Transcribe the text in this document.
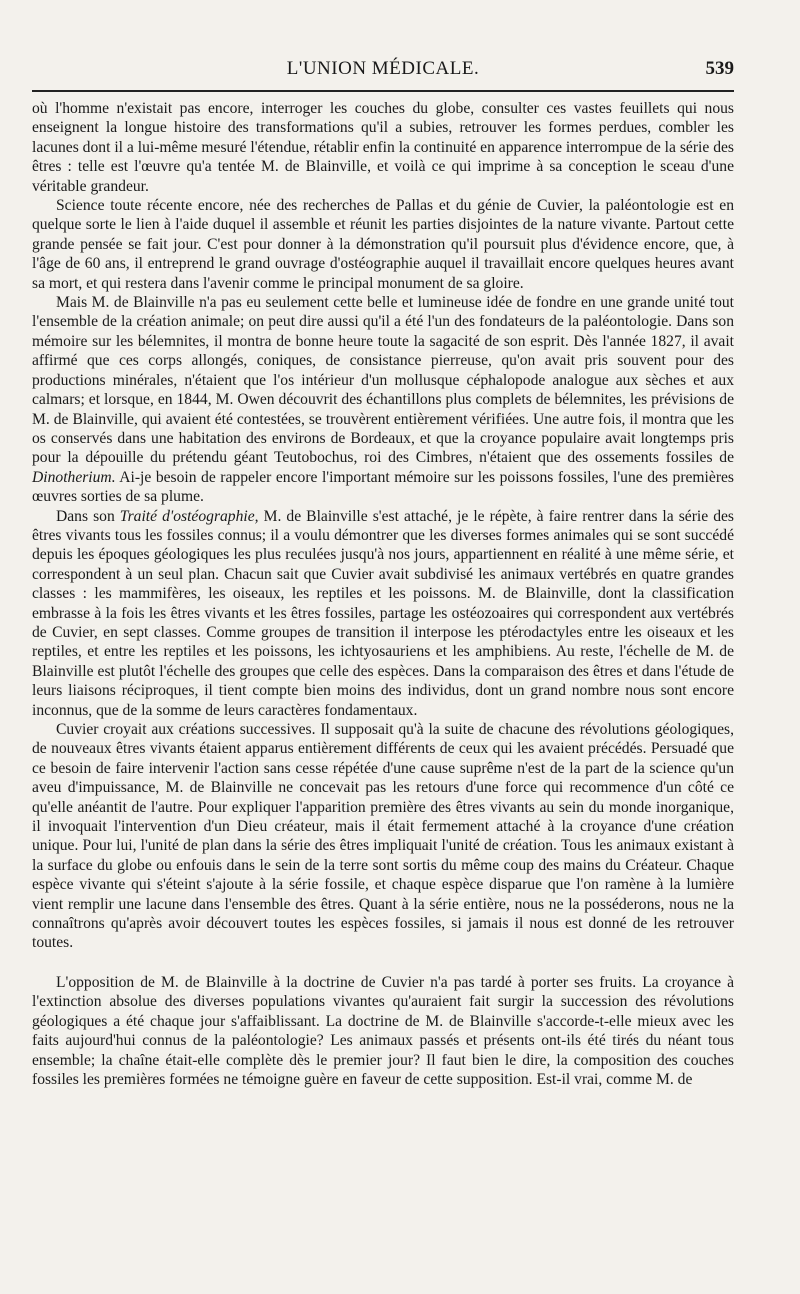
L'UNION MÉDICALE.	539

où l'homme n'existait pas encore, interroger les couches du globe, consulter ces vastes feuillets qui nous enseignent la longue histoire des transformations qu'il a subies, retrouver les formes perdues, combler les lacunes dont il a lui-même mesuré l'étendue, rétablir enfin la continuité en apparence interrompue de la série des êtres : telle est l'œuvre qu'a tentée M. de Blainville, et voilà ce qui imprime à sa conception le sceau d'une véritable grandeur.

Science toute récente encore, née des recherches de Pallas et du génie de Cuvier, la paléontologie est en quelque sorte le lien à l'aide duquel il assemble et réunit les parties disjointes de la nature vivante. Partout cette grande pensée se fait jour. C'est pour donner à la démonstration qu'il poursuit plus d'évidence encore, que, à l'âge de 60 ans, il entreprend le grand ouvrage d'ostéographie auquel il travaillait encore quelques heures avant sa mort, et qui restera dans l'avenir comme le principal monument de sa gloire.

Mais M. de Blainville n'a pas eu seulement cette belle et lumineuse idée de fondre en une grande unité tout l'ensemble de la création animale; on peut dire aussi qu'il a été l'un des fondateurs de la paléontologie. Dans son mémoire sur les bélemnites, il montra de bonne heure toute la sagacité de son esprit. Dès l'année 1827, il avait affirmé que ces corps allongés, coniques, de consistance pierreuse, qu'on avait pris souvent pour des productions minérales, n'étaient que l'os intérieur d'un mollusque céphalopode analogue aux sèches et aux calmars; et lorsque, en 1844, M. Owen découvrit des échantillons plus complets de bélemnites, les prévisions de M. de Blainville, qui avaient été contestées, se trouvèrent entièrement vérifiées. Une autre fois, il montra que les os conservés dans une habitation des environs de Bordeaux, et que la croyance populaire avait longtemps pris pour la dépouille du prétendu géant Teutobochus, roi des Cimbres, n'étaient que des ossements fossiles de Dinotherium. Ai-je besoin de rappeler encore l'important mémoire sur les poissons fossiles, l'une des premières œuvres sorties de sa plume.

Dans son Traité d'ostéographie, M. de Blainville s'est attaché, je le répète, à faire rentrer dans la série des êtres vivants tous les fossiles connus; il a voulu démontrer que les diverses formes animales qui se sont succédé depuis les époques géologiques les plus reculées jusqu'à nos jours, appartiennent en réalité à une même série, et correspondent à un seul plan. Chacun sait que Cuvier avait subdivisé les animaux vertébrés en quatre grandes classes : les mammifères, les oiseaux, les reptiles et les poissons. M. de Blainville, dont la classification embrasse à la fois les êtres vivants et les êtres fossiles, partage les ostéozoaires qui correspondent aux vertébrés de Cuvier, en sept classes. Comme groupes de transition il interpose les ptérodactyles entre les oiseaux et les reptiles, et entre les reptiles et les poissons, les ichtyosauriens et les amphibiens. Au reste, l'échelle de M. de Blainville est plutôt l'échelle des groupes que celle des espèces. Dans la comparaison des êtres et dans l'étude de leurs liaisons réciproques, il tient compte bien moins des individus, dont un grand nombre nous sont encore inconnus, que de la somme de leurs caractères fondamentaux.

Cuvier croyait aux créations successives. Il supposait qu'à la suite de chacune des révolutions géologiques, de nouveaux êtres vivants étaient apparus entièrement différents de ceux qui les avaient précédés. Persuadé que ce besoin de faire intervenir l'action sans cesse répétée d'une cause suprême n'est de la part de la science qu'un aveu d'impuissance, M. de Blainville ne concevait pas les retours d'une force qui recommence d'un côté ce qu'elle anéantit de l'autre. Pour expliquer l'apparition première des êtres vivants au sein du monde inorganique, il invoquait l'intervention d'un Dieu créateur, mais il était fermement attaché à la croyance d'une création unique. Pour lui, l'unité de plan dans la série des êtres impliquait l'unité de création. Tous les animaux existant à la surface du globe ou enfouis dans le sein de la terre sont sortis du même coup des mains du Créateur. Chaque espèce vivante qui s'éteint s'ajoute à la série fossile, et chaque espèce disparue que l'on ramène à la lumière vient remplir une lacune dans l'ensemble des êtres. Quant à la série entière, nous ne la posséderons, nous ne la connaîtrons qu'après avoir découvert toutes les espèces fossiles, si jamais il nous est donné de les retrouver toutes.

L'opposition de M. de Blainville à la doctrine de Cuvier n'a pas tardé à porter ses fruits. La croyance à l'extinction absolue des diverses populations vivantes qu'auraient fait surgir la succession des révolutions géologiques a été chaque jour s'affaiblissant. La doctrine de M. de Blainville s'accorde-t-elle mieux avec les faits aujourd'hui connus de la paléontologie? Les animaux passés et présents ont-ils été tirés du néant tous ensemble; la chaîne était-elle complète dès le premier jour? Il faut bien le dire, la composition des couches fossiles les premières formées ne témoigne guère en faveur de cette supposition. Est-il vrai, comme M. de
